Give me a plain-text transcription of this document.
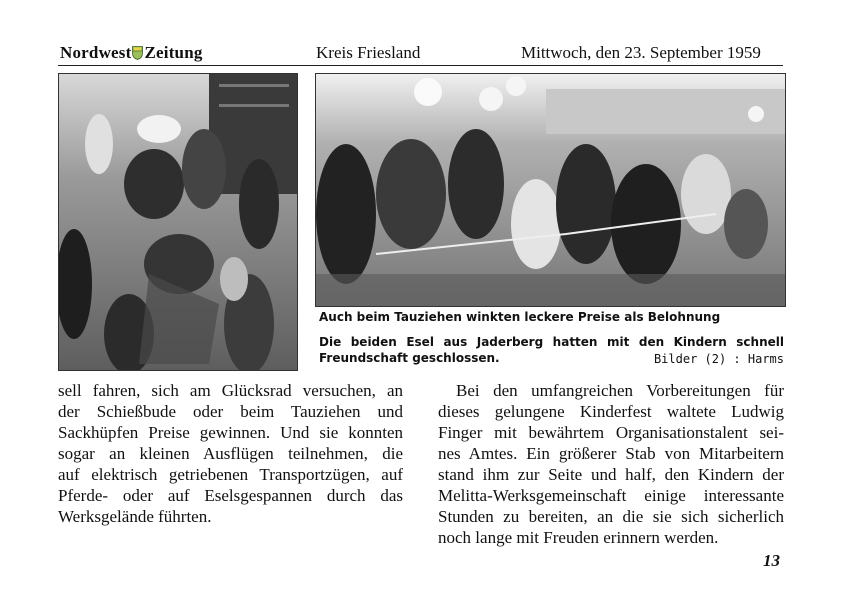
Nordwest Zeitung	Kreis Friesland	Mittwoch, den 23. September 1959
Auch beim Tauziehen winkten leckere Preise als Belohnung
Die beiden Esel aus Jaderberg hatten mit den Kindern schnell
Freundschaft geschlossen.	Bilder (2) : Harms
sell fahren, sich am Glücksrad versuchen, an
der Schießbude oder beim Tauziehen und
Sackhüpfen Preise gewinnen. Und sie konnten
sogar an kleinen Ausflügen teilnehmen, die
auf elektrisch getriebenen Transportzügen, auf
Pferde- oder auf Eselsgespannen durch das
Werksgelände führten.
Bei den umfangreichen Vorbereitungen für
dieses gelungene Kinderfest waltete Ludwig
Finger mit bewährtem Organisationstalent sei-
nes Amtes. Ein größerer Stab von Mitarbeitern
stand ihm zur Seite und half, den Kindern der
Melitta-Werksgemeinschaft einige interessante
Stunden zu bereiten, an die sie sich sicherlich
noch lange mit Freuden erinnern werden.
13
